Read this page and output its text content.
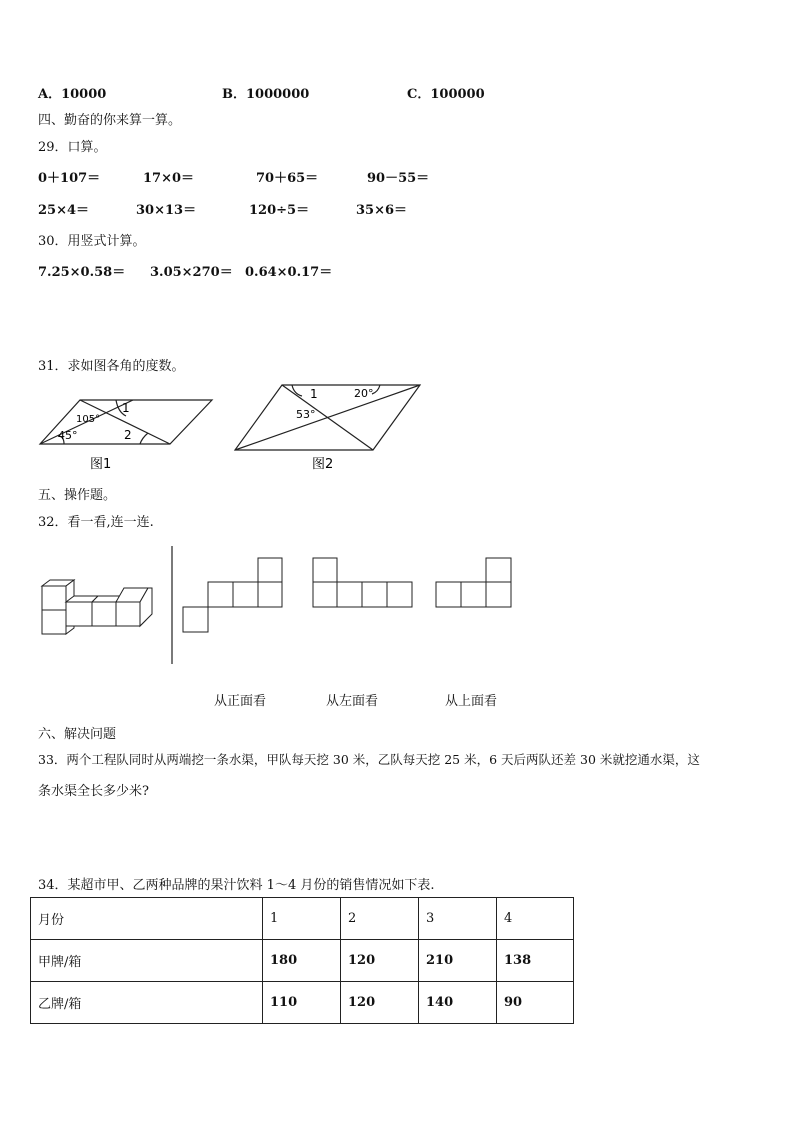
A．10000	B．1000000	C．100000
四、勤奋的你来算一算。
29．口算。
0＋107＝	17×0＝	70＋65＝	90－55＝
25×4＝	30×13＝	120÷5＝	35×6＝
30．用竖式计算。
7.25×0.58＝ 3.05×270＝ 0.64×0.17＝
31．求如图各角的度数。
105°
45°
1
2
图1
1	20°
53°
图2
五、操作题。
32．看一看,连一连.
从正面看	从左面看	从上面看
六、解决问题
33．两个工程队同时从两端挖一条水渠，甲队每天挖 30 米，乙队每天挖 25 米，6 天后两队还差 30 米就挖通水渠，这
条水渠全长多少米?
34．某超市甲、乙两种品牌的果汁饮料 1～4 月份的销售情况如下表.
月份	1	2	3	4
甲牌/箱	180	120	210	138
乙牌/箱	110	120	140	90
